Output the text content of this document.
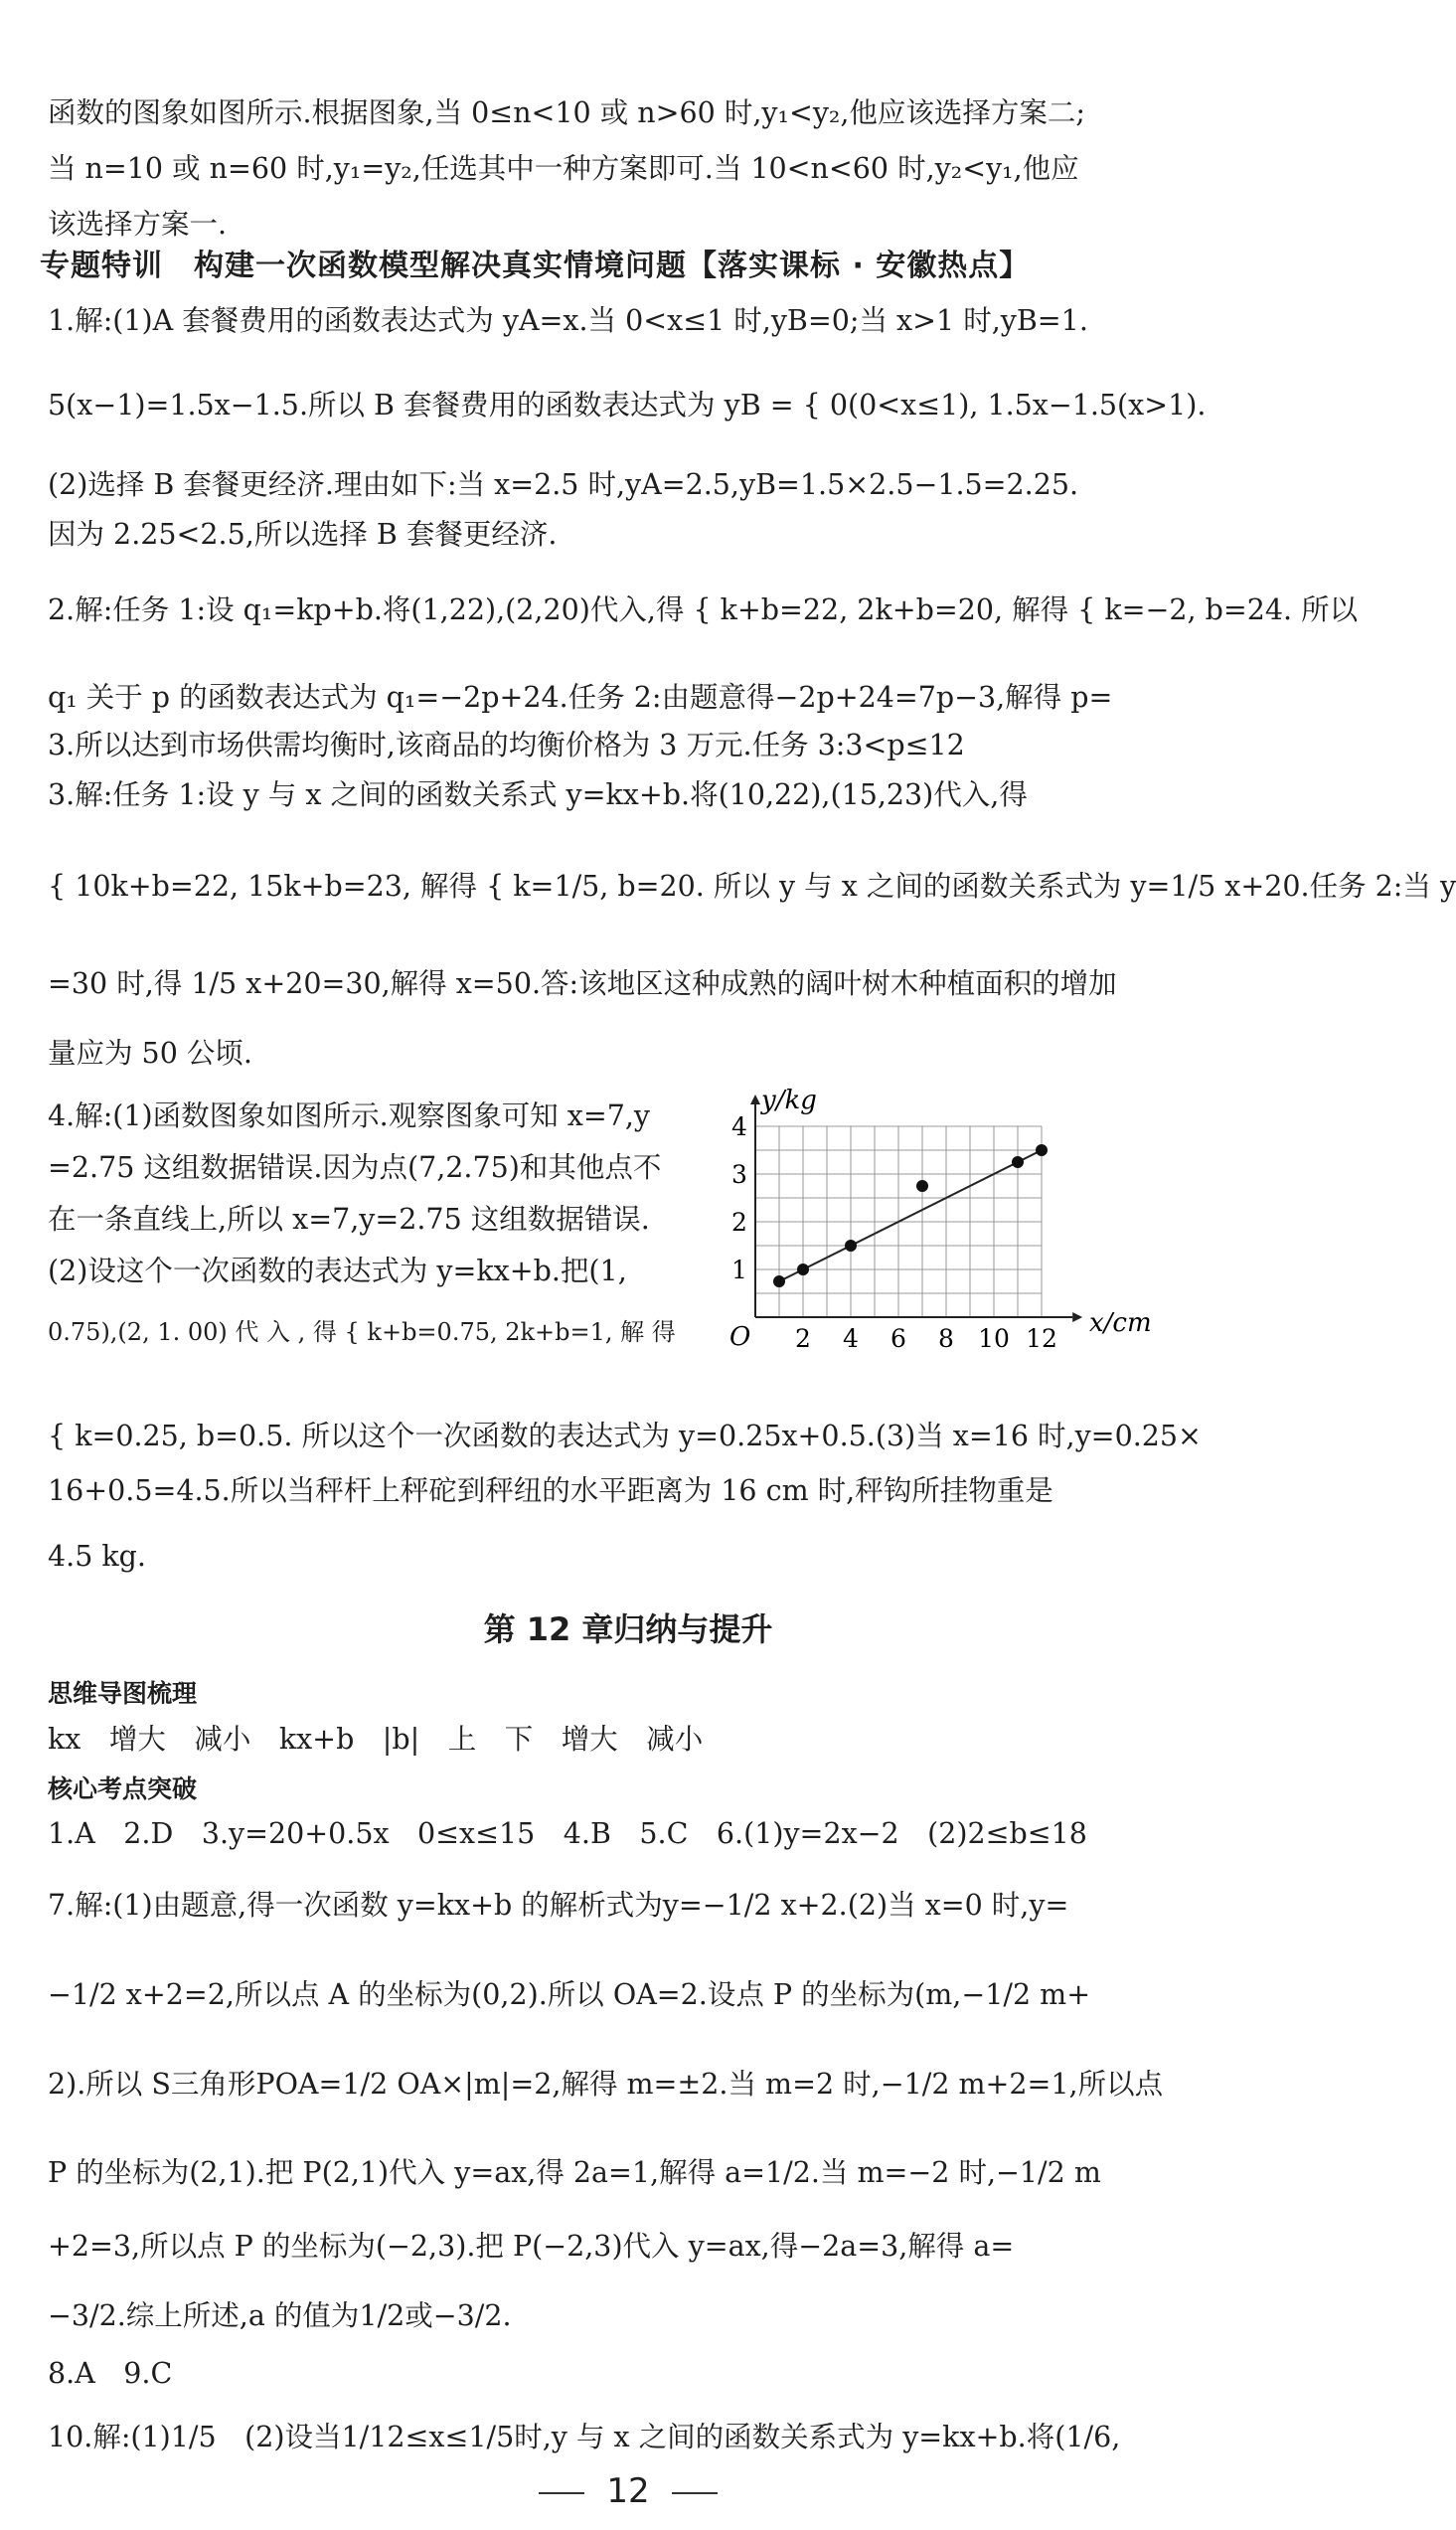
函数的图象如图所示.根据图象,当 0≤n<10 或 n>60 时,y₁<y₂,他应该选择方案二;
当 n=10 或 n=60 时,y₁=y₂,任选其中一种方案即可.当 10<n<60 时,y₂<y₁,他应
该选择方案一.
专题特训　构建一次函数模型解决真实情境问题【落实课标 · 安徽热点】
1.解:(1)A 套餐费用的函数表达式为 yA=x.当 0<x≤1 时,yB=0;当 x>1 时,yB=1.
5(x−1)=1.5x−1.5.所以 B 套餐费用的函数表达式为 yB = { 0(0<x≤1), 1.5x−1.5(x>1).
(2)选择 B 套餐更经济.理由如下:当 x=2.5 时,yA=2.5,yB=1.5×2.5−1.5=2.25.
因为 2.25<2.5,所以选择 B 套餐更经济.
2.解:任务 1:设 q₁=kp+b.将(1,22),(2,20)代入,得 { k+b=22, 2k+b=20, 解得 { k=−2, b=24. 所以
q₁ 关于 p 的函数表达式为 q₁=−2p+24.任务 2:由题意得−2p+24=7p−3,解得 p=
3.所以达到市场供需均衡时,该商品的均衡价格为 3 万元.任务 3:3<p≤12
3.解:任务 1:设 y 与 x 之间的函数关系式 y=kx+b.将(10,22),(15,23)代入,得
{ 10k+b=22, 15k+b=23, 解得 { k=1/5, b=20. 所以 y 与 x 之间的函数关系式为 y=1/5 x+20.任务 2:当 y
=30 时,得 1/5 x+20=30,解得 x=50.答:该地区这种成熟的阔叶树木种植面积的增加
量应为 50 公顷.
4.解:(1)函数图象如图所示.观察图象可知 x=7,y
=2.75 这组数据错误.因为点(7,2.75)和其他点不
在一条直线上,所以 x=7,y=2.75 这组数据错误.
(2)设这个一次函数的表达式为 y=kx+b.把(1,
0.75),(2, 1. 00) 代 入 , 得 { k+b=0.75, 2k+b=1, 解 得
{ k=0.25, b=0.5. 所以这个一次函数的表达式为 y=0.25x+0.5.(3)当 x=16 时,y=0.25×
16+0.5=4.5.所以当秤杆上秤砣到秤纽的水平距离为 16 cm 时,秤钩所挂物重是
4.5 kg.
x/cm
y/kg
O 2 4 6 8 10 12
1
2
3
4
第 12 章归纳与提升
思维导图梳理
kx　增大　减小　kx+b　|b|　上　下　增大　减小
核心考点突破
1.A　2.D　3.y=20+0.5x　0≤x≤15　4.B　5.C　6.(1)y=2x−2　(2)2≤b≤18
7.解:(1)由题意,得一次函数 y=kx+b 的解析式为y=−1/2 x+2.(2)当 x=0 时,y=
−1/2 x+2=2,所以点 A 的坐标为(0,2).所以 OA=2.设点 P 的坐标为(m,−1/2 m+
2).所以 S三角形POA=1/2 OA×|m|=2,解得 m=±2.当 m=2 时,−1/2 m+2=1,所以点
P 的坐标为(2,1).把 P(2,1)代入 y=ax,得 2a=1,解得 a=1/2.当 m=−2 时,−1/2 m
+2=3,所以点 P 的坐标为(−2,3).把 P(−2,3)代入 y=ax,得−2a=3,解得 a=
−3/2.综上所述,a 的值为1/2或−3/2.
8.A　9.C
10.解:(1)1/5　(2)设当1/12≤x≤1/5时,y 与 x 之间的函数关系式为 y=kx+b.将(1/6,
12
